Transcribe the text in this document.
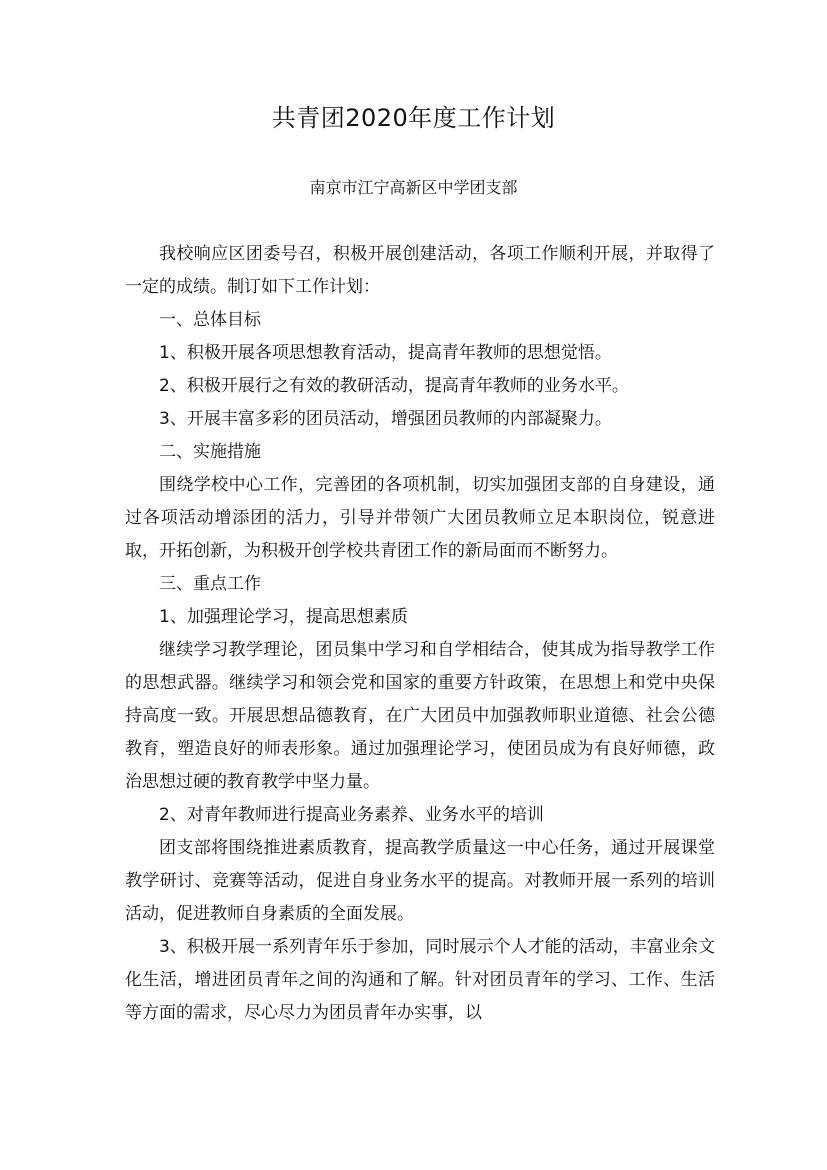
共青团2020年度工作计划
南京市江宁高新区中学团支部

我校响应区团委号召，积极开展创建活动，各项工作顺利开展，并取得了一定的成绩。制订如下工作计划：

一、总体目标

1、积极开展各项思想教育活动，提高青年教师的思想觉悟。

2、积极开展行之有效的教研活动，提高青年教师的业务水平。

3、开展丰富多彩的团员活动，增强团员教师的内部凝聚力。

二、实施措施

围绕学校中心工作，完善团的各项机制，切实加强团支部的自身建设，通过各项活动增添团的活力，引导并带领广大团员教师立足本职岗位，锐意进取，开拓创新，为积极开创学校共青团工作的新局面而不断努力。

三、重点工作

1、加强理论学习，提高思想素质

继续学习教学理论，团员集中学习和自学相结合，使其成为指导教学工作的思想武器。继续学习和领会党和国家的重要方针政策，在思想上和党中央保持高度一致。开展思想品德教育，在广大团员中加强教师职业道德、社会公德教育，塑造良好的师表形象。通过加强理论学习，使团员成为有良好师德，政治思想过硬的教育教学中坚力量。

2、对青年教师进行提高业务素养、业务水平的培训

团支部将围绕推进素质教育，提高教学质量这一中心任务，通过开展课堂教学研讨、竞赛等活动，促进自身业务水平的提高。对教师开展一系列的培训活动，促进教师自身素质的全面发展。

3、积极开展一系列青年乐于参加，同时展示个人才能的活动，丰富业余文化生活，增进团员青年之间的沟通和了解。针对团员青年的学习、工作、生活等方面的需求，尽心尽力为团员青年办实事，以
